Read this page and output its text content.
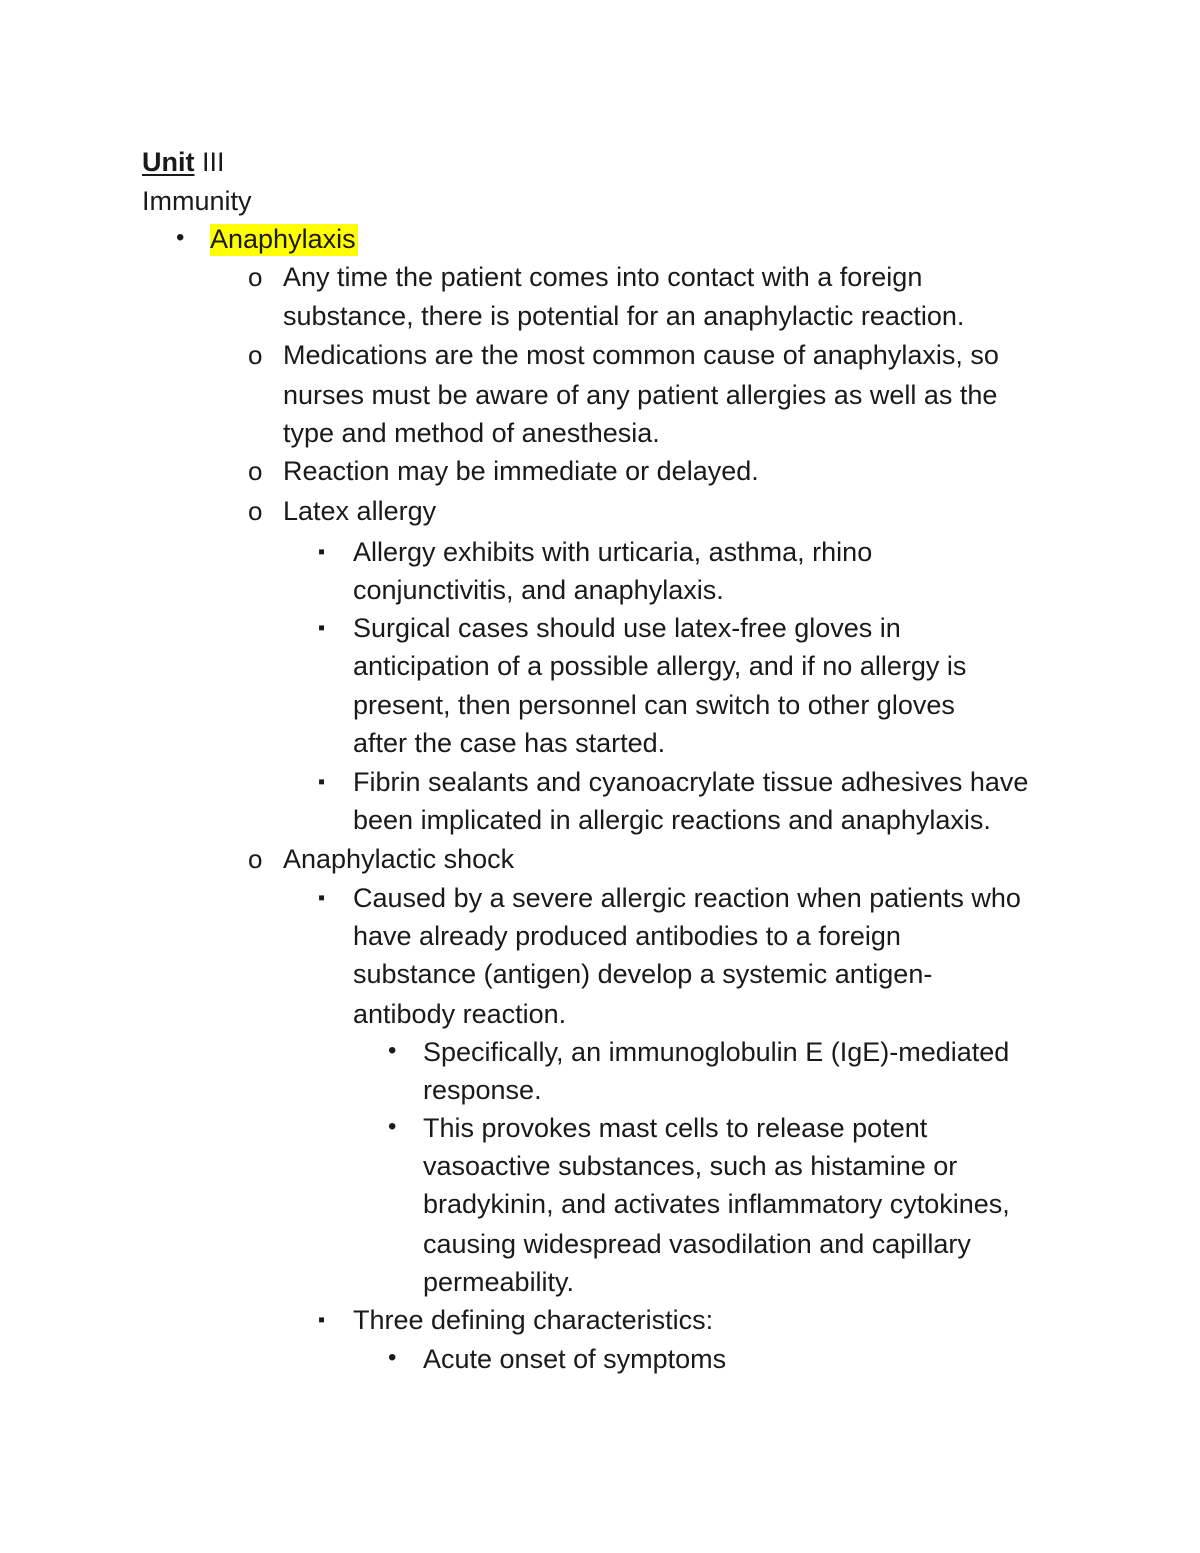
Unit III
Immunity
• Anaphylaxis
o Any time the patient comes into contact with a foreign
substance, there is potential for an anaphylactic reaction.
o Medications are the most common cause of anaphylaxis, so
nurses must be aware of any patient allergies as well as the
type and method of anesthesia.
o Reaction may be immediate or delayed.
o Latex allergy
▪ Allergy exhibits with urticaria, asthma, rhino
conjunctivitis, and anaphylaxis.
▪ Surgical cases should use latex-free gloves in
anticipation of a possible allergy, and if no allergy is
present, then personnel can switch to other gloves
after the case has started.
▪ Fibrin sealants and cyanoacrylate tissue adhesives have
been implicated in allergic reactions and anaphylaxis.
o Anaphylactic shock
▪ Caused by a severe allergic reaction when patients who
have already produced antibodies to a foreign
substance (antigen) develop a systemic antigen-
antibody reaction.
• Specifically, an immunoglobulin E (IgE)-mediated
response.
• This provokes mast cells to release potent
vasoactive substances, such as histamine or
bradykinin, and activates inflammatory cytokines,
causing widespread vasodilation and capillary
permeability.
▪ Three defining characteristics:
• Acute onset of symptoms
